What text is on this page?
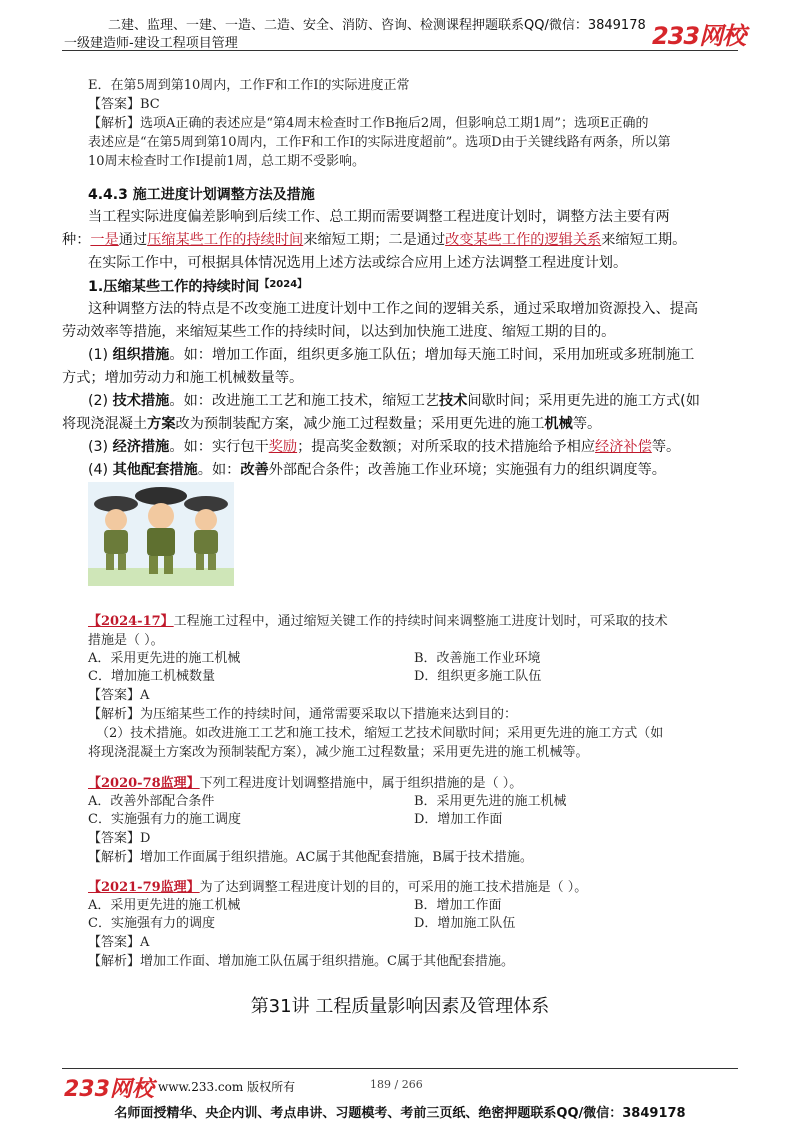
二建、监理、一建、一造、二造、安全、消防、咨询、检测课程押题联系QQ/微信：3849178
一级建造师-建设工程项目管理	233网校
E．在第5周到第10周内，工作F和工作I的实际进度正常
【答案】BC
【解析】选项A正确的表述应是“第4周末检查时工作B拖后2周，但影响总工期1周”；选项E正确的
表述应是“在第5周到第10周内，工作F和工作I的实际进度超前”。选项D由于关键线路有两条，所以第
10周末检查时工作I提前1周，总工期不受影响。
4.4.3 施工进度计划调整方法及措施
当工程实际进度偏差影响到后续工作、总工期而需要调整工程进度计划时，调整方法主要有两
种：一是通过压缩某些工作的持续时间来缩短工期；二是通过改变某些工作的逻辑关系来缩短工期。
在实际工作中，可根据具体情况选用上述方法或综合应用上述方法调整工程进度计划。
1.压缩某些工作的持续时间$^{【2024】}$
这种调整方法的特点是不改变施工进度计划中工作之间的逻辑关系，通过采取增加资源投入、提高
劳动效率等措施，来缩短某些工作的持续时间，以达到加快施工进度、缩短工期的目的。
(1) 组织措施。如：增加工作面，组织更多施工队伍；增加每天施工时间，采用加班或多班制施工
方式；增加劳动力和施工机械数量等。
(2) 技术措施。如：改进施工工艺和施工技术，缩短工艺技术间歇时间；采用更先进的施工方式(如
将现浇混凝土方案改为预制装配方案，减少施工过程数量；采用更先进的施工机械等。
(3) 经济措施。如：实行包干奖励；提高奖金数额；对所采取的技术措施给予相应经济补偿等。
(4) 其他配套措施。如：改善外部配合条件；改善施工作业环境；实施强有力的组织调度等。
【2024-17】工程施工过程中，通过缩短关键工作的持续时间来调整施工进度计划时，可采取的技术
措施是（ ）。
A．采用更先进的施工机械	B．改善施工作业环境
C．增加施工机械数量	D．组织更多施工队伍
【答案】A
【解析】为压缩某些工作的持续时间，通常需要采取以下措施来达到目的：
（2）技术措施。如改进施工工艺和施工技术，缩短工艺技术间歇时间；采用更先进的施工方式（如
将现浇混凝土方案改为预制装配方案），减少施工过程数量；采用更先进的施工机械等。
【2020-78监理】下列工程进度计划调整措施中，属于组织措施的是（ ）。
A．改善外部配合条件	B．采用更先进的施工机械
C．实施强有力的施工调度	D．增加工作面
【答案】D
【解析】增加工作面属于组织措施。AC属于其他配套措施，B属于技术措施。
【2021-79监理】为了达到调整工程进度计划的目的，可采用的施工技术措施是（ ）。
A．采用更先进的施工机械	B．增加工作面
C．实施强有力的调度	D．增加施工队伍
【答案】A
【解析】增加工作面、增加施工队伍属于组织措施。C属于其他配套措施。
第31讲 工程质量影响因素及管理体系
233网校 www.233.com 版权所有	189 / 266
名师面授精华、央企内训、考点串讲、习题模考、考前三页纸、绝密押题联系QQ/微信：3849178
